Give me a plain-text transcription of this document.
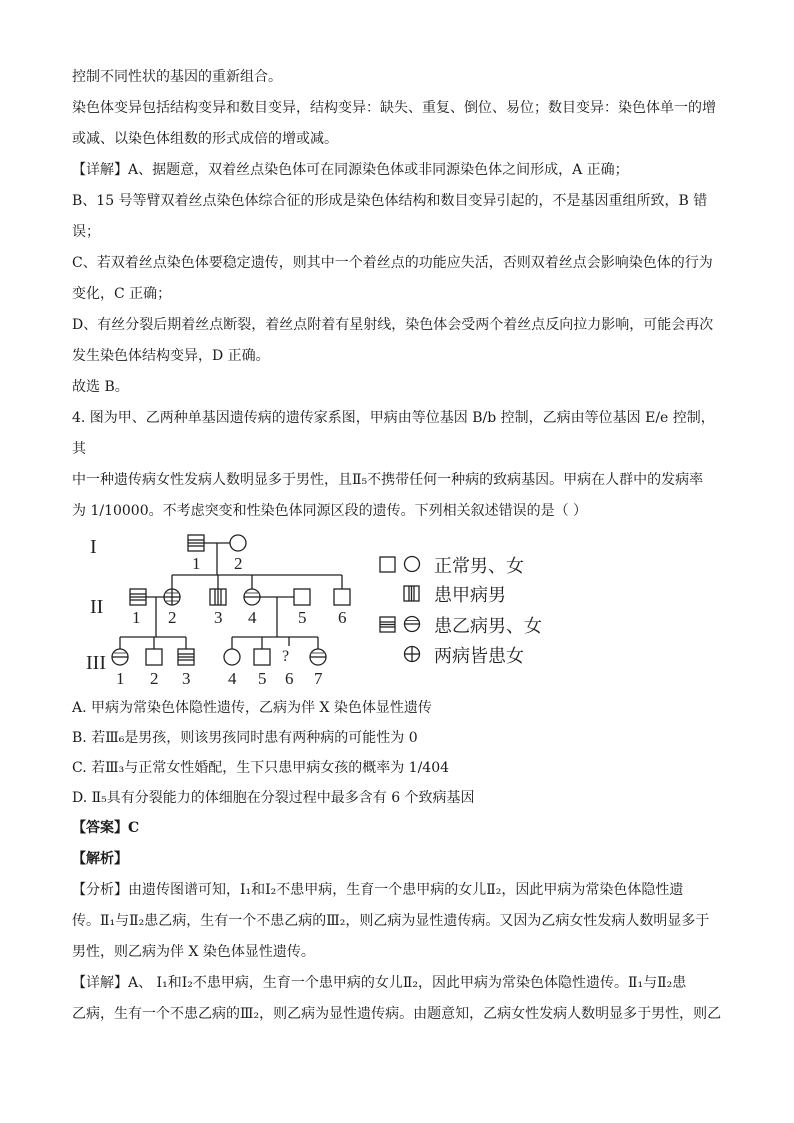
控制不同性状的基因的重新组合。

染色体变异包括结构变异和数目变异，结构变异：缺失、重复、倒位、易位；数目变异：染色体单一的增

或减、以染色体组数的形式成倍的增或减。

【详解】A、据题意，双着丝点染色体可在同源染色体或非同源染色体之间形成，A 正确；

B、15 号等臂双着丝点染色体综合征的形成是染色体结构和数目变异引起的，不是基因重组所致，B 错

误；

C、若双着丝点染色体要稳定遗传，则其中一个着丝点的功能应失活，否则双着丝点会影响染色体的行为

变化，C 正确；

D、有丝分裂后期着丝点断裂，着丝点附着有星射线，染色体会受两个着丝点反向拉力影响，可能会再次

发生染色体结构变异，D 正确。

故选 B。

4. 图为甲、乙两种单基因遗传病的遗传家系图，甲病由等位基因 B/b 控制，乙病由等位基因 E/e 控制，其

中一种遗传病女性发病人数明显多于男性，且Ⅱ₅不携带任何一种病的致病基因。甲病在人群中的发病率

为 1/10000。不考虑突变和性染色体同源区段的遗传。下列相关叙述错误的是（ ）

I
II
III
1 2
1 2 3 4 5 6
1 2 3
?
4 5 6 7
正常男、女
患甲病男
患乙病男、女
两病皆患女

A. 甲病为常染色体隐性遗传，乙病为伴 X 染色体显性遗传

B. 若Ⅲ₆是男孩，则该男孩同时患有两种病的可能性为 0

C. 若Ⅲ₃与正常女性婚配，生下只患甲病女孩的概率为 1/404

D. Ⅱ₅具有分裂能力的体细胞在分裂过程中最多含有 6 个致病基因

【答案】C

【解析】

【分析】由遗传图谱可知，Ⅰ₁和Ⅰ₂不患甲病，生育一个患甲病的女儿Ⅱ₂，因此甲病为常染色体隐性遗

传。Ⅱ₁与Ⅱ₂患乙病，生有一个不患乙病的Ⅲ₂，则乙病为显性遗传病。又因为乙病女性发病人数明显多于

男性，则乙病为伴 X 染色体显性遗传。

【详解】A、 Ⅰ₁和Ⅰ₂不患甲病，生育一个患甲病的女儿Ⅱ₂，因此甲病为常染色体隐性遗传。Ⅱ₁与Ⅱ₂患

乙病，生有一个不患乙病的Ⅲ₂，则乙病为显性遗传病。由题意知，乙病女性发病人数明显多于男性，则乙
